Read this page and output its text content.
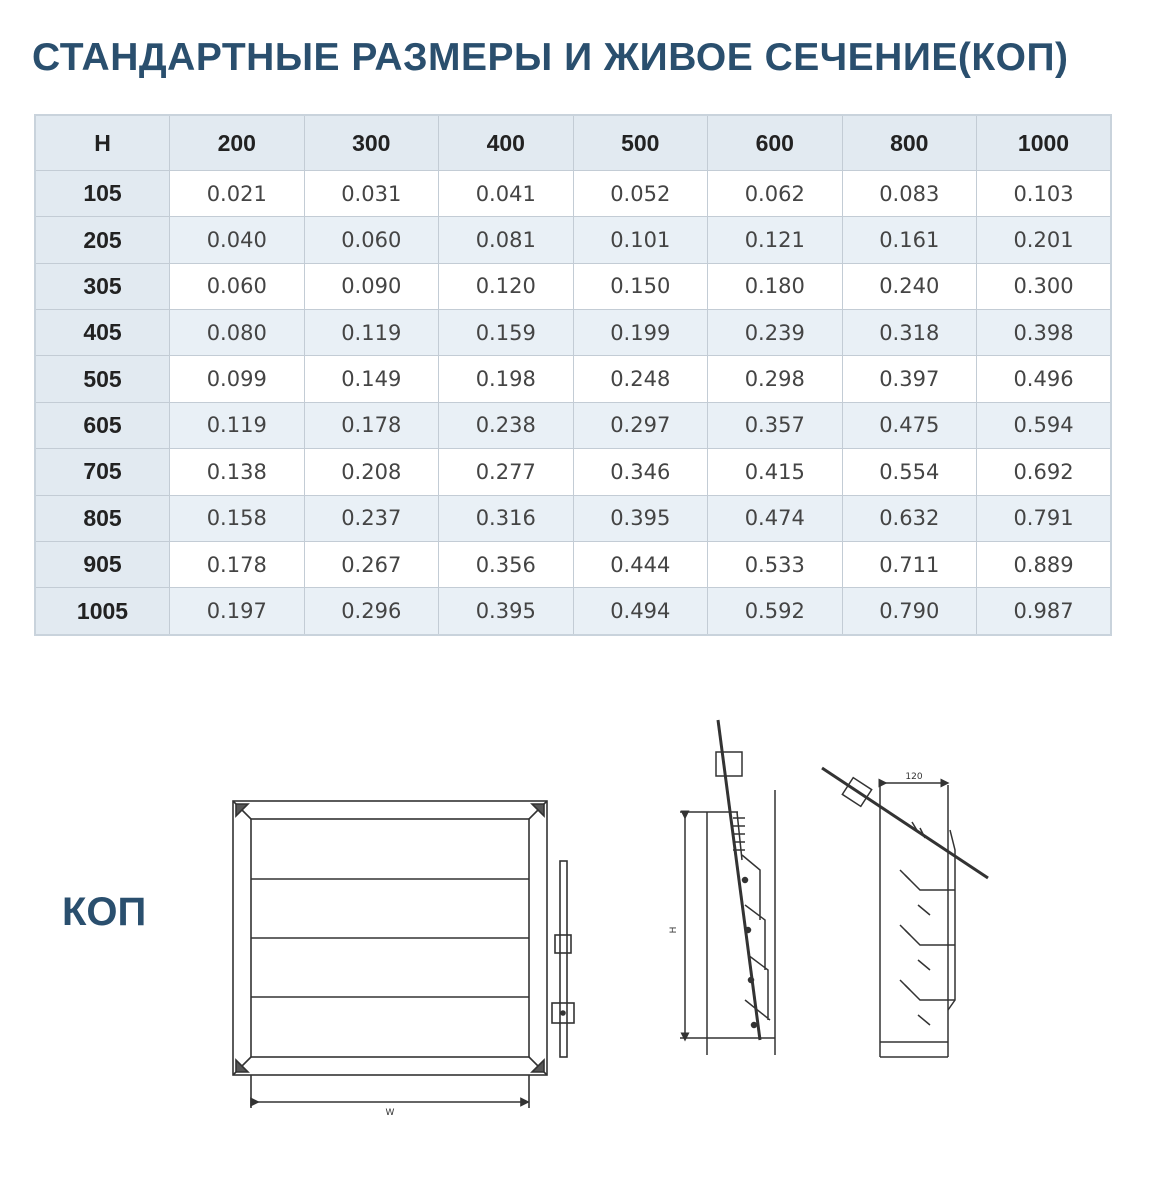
СТАНДАРТНЫЕ РАЗМЕРЫ И ЖИВОЕ СЕЧЕНИЕ(КОП)
H	200	300	400	500	600	800	1000
105	0.021	0.031	0.041	0.052	0.062	0.083	0.103
205	0.040	0.060	0.081	0.101	0.121	0.161	0.201
305	0.060	0.090	0.120	0.150	0.180	0.240	0.300
405	0.080	0.119	0.159	0.199	0.239	0.318	0.398
505	0.099	0.149	0.198	0.248	0.298	0.397	0.496
605	0.119	0.178	0.238	0.297	0.357	0.475	0.594
705	0.138	0.208	0.277	0.346	0.415	0.554	0.692
805	0.158	0.237	0.316	0.395	0.474	0.632	0.791
905	0.178	0.267	0.356	0.444	0.533	0.711	0.889
1005	0.197	0.296	0.395	0.494	0.592	0.790	0.987
КОП
W
H
120
